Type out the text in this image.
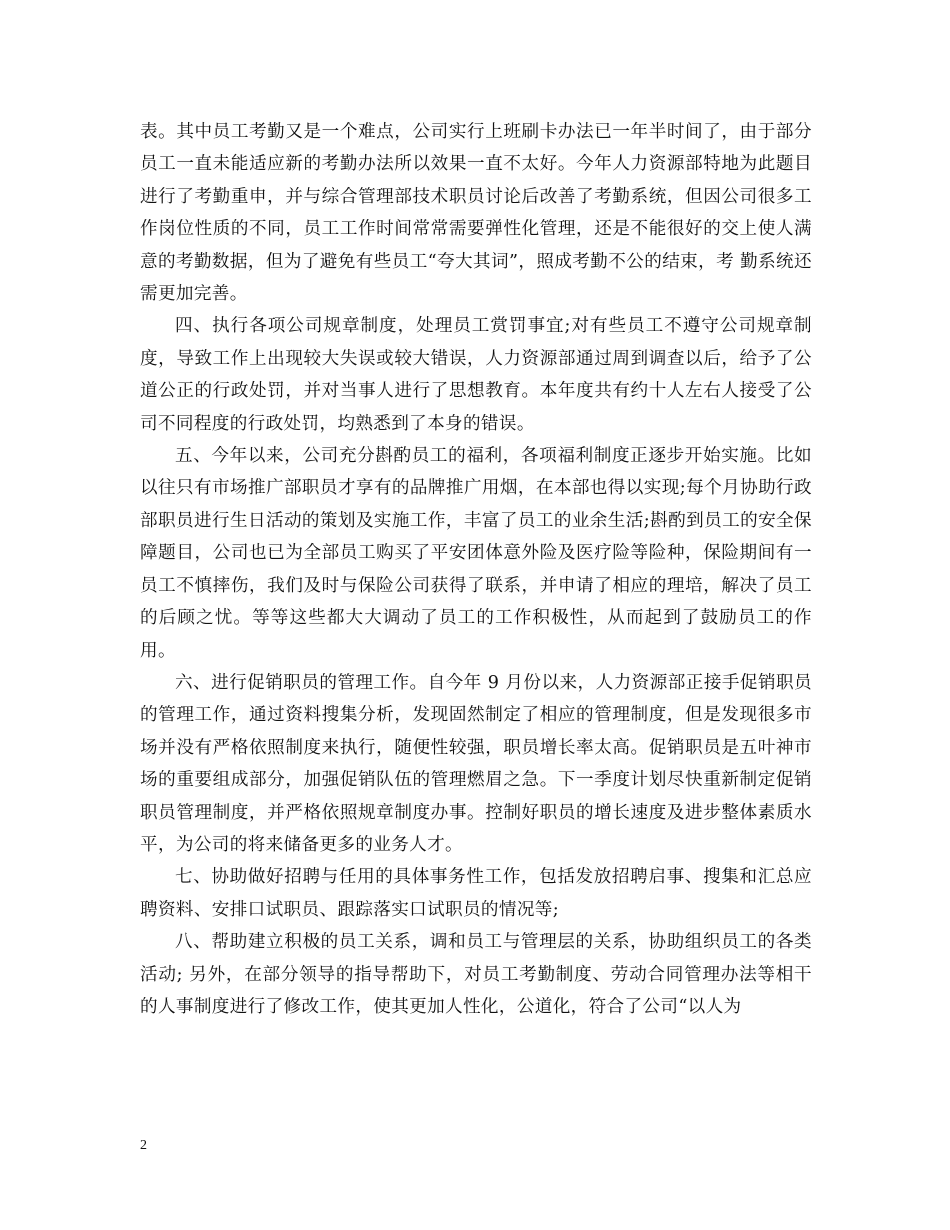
表。其中员工考勤又是一个难点，公司实行上班刷卡办法已一年半时间了，由于部分员工一直未能适应新的考勤办法所以效果一直不太好。今年人力资源部特地为此题目进行了考勤重申，并与综合管理部技术职员讨论后改善了考勤系统，但因公司很多工作岗位性质的不同，员工工作时间常常需要弹性化管理，还是不能很好的交上使人满意的考勤数据，但为了避免有些员工“夸大其词”，照成考勤不公的结束，考 勤系统还需更加完善。

四、执行各项公司规章制度，处理员工赏罚事宜;对有些员工不遵守公司规章制度，导致工作上出现较大失误或较大错误，人力资源部通过周到调查以后，给予了公道公正的行政处罚，并对当事人进行了思想教育。本年度共有约十人左右人接受了公司不同程度的行政处罚，均熟悉到了本身的错误。

五、今年以来，公司充分斟酌员工的福利，各项福利制度正逐步开始实施。比如以往只有市场推广部职员才享有的品牌推广用烟，在本部也得以实现;每个月协助行政部职员进行生日活动的策划及实施工作，丰富了员工的业余生活;斟酌到员工的安全保障题目，公司也已为全部员工购买了平安团体意外险及医疗险等险种，保险期间有一员工不慎摔伤，我们及时与保险公司获得了联系，并申请了相应的理培，解决了员工的后顾之忧。等等这些都大大调动了员工的工作积极性，从而起到了鼓励员工的作用。

六、进行促销职员的管理工作。自今年 9 月份以来，人力资源部正接手促销职员的管理工作，通过资料搜集分析，发现固然制定了相应的管理制度，但是发现很多市场并没有严格依照制度来执行，随便性较强，职员增长率太高。促销职员是五叶神市场的重要组成部分，加强促销队伍的管理燃眉之急。下一季度计划尽快重新制定促销职员管理制度，并严格依照规章制度办事。控制好职员的增长速度及进步整体素质水平，为公司的将来储备更多的业务人才。

七、协助做好招聘与任用的具体事务性工作，包括发放招聘启事、搜集和汇总应聘资料、安排口试职员、跟踪落实口试职员的情况等;

八、帮助建立积极的员工关系，调和员工与管理层的关系，协助组织员工的各类活动; 另外，在部分领导的指导帮助下，对员工考勤制度、劳动合同管理办法等相干的人事制度进行了修改工作，使其更加人性化，公道化，符合了公司“以人为

2
